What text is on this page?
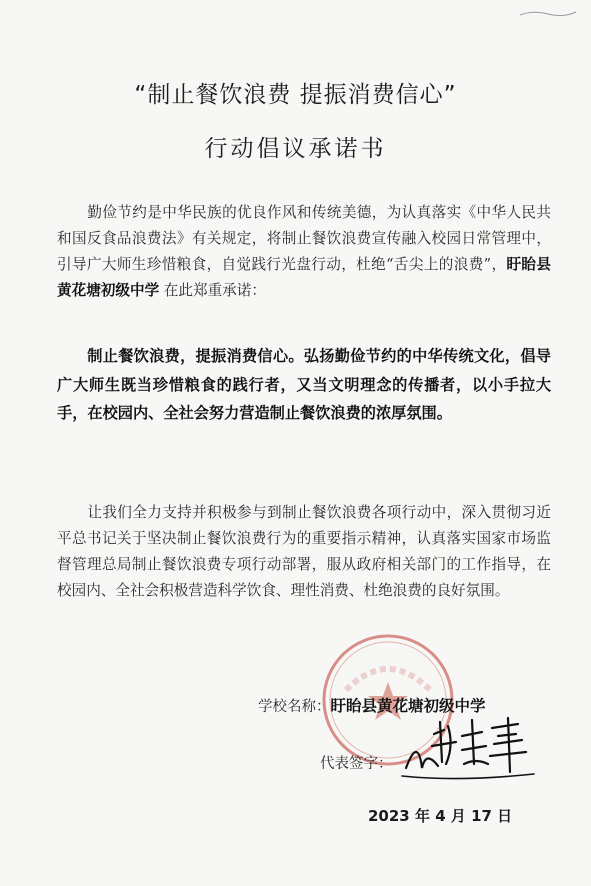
“制止餐饮浪费 提振消费信心”
行动倡议承诺书
勤俭节约是中华民族的优良作风和传统美德，为认真落实《中华人民共和国反食品浪费法》有关规定，将制止餐饮浪费宣传融入校园日常管理中，引导广大师生珍惜粮食，自觉践行光盘行动，杜绝“舌尖上的浪费”，盱眙县黄花塘初级中学 在此郑重承诺：
制止餐饮浪费，提振消费信心。弘扬勤俭节约的中华传统文化，倡导广大师生既当珍惜粮食的践行者，又当文明理念的传播者，以小手拉大手，在校园内、全社会努力营造制止餐饮浪费的浓厚氛围。
让我们全力支持并积极参与到制止餐饮浪费各项行动中，深入贯彻习近平总书记关于坚决制止餐饮浪费行为的重要指示精神，认真落实国家市场监督管理总局制止餐饮浪费专项行动部署，服从政府相关部门的工作指导，在校园内、全社会积极营造科学饮食、理性消费、杜绝浪费的良好氛围。
学校名称：盱眙县黄花塘初级中学
代表签字：
2023 年 4 月 17 日
